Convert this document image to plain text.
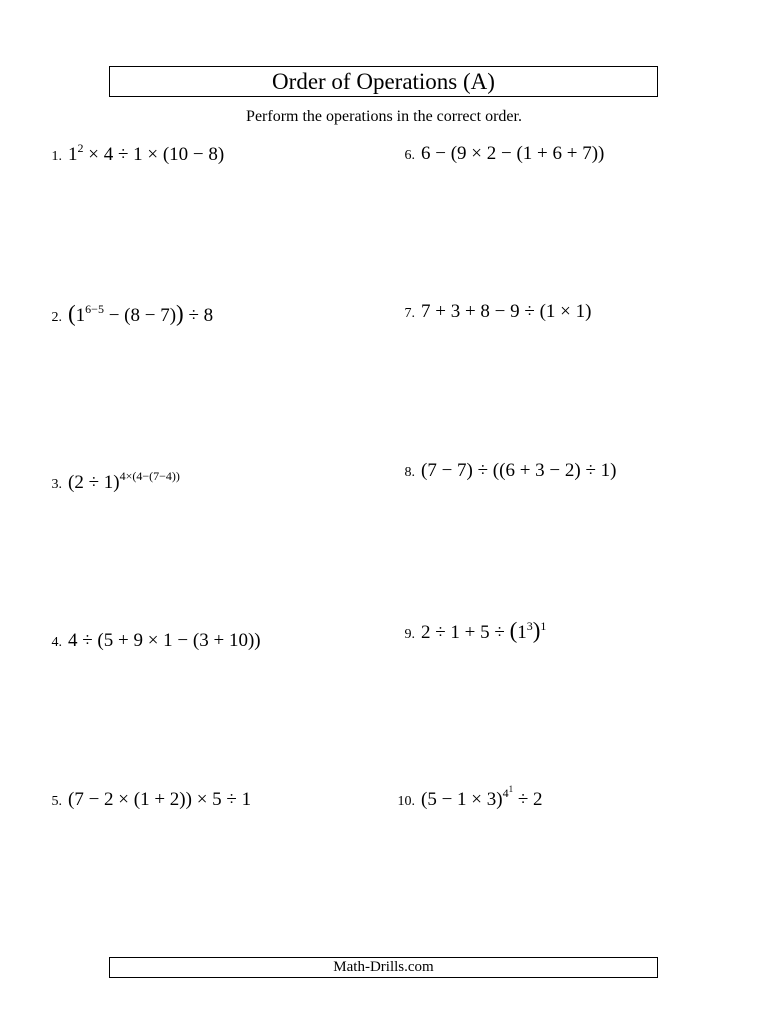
Order of Operations (A)
Perform the operations in the correct order.
1. $1^2 \times 4 \div 1 \times (10 - 8)$
2. $(1^{6-5} - (8 - 7)) \div 8$
3. $(2 \div 1)^{4\times(4-(7-4))}$
4. 4 ÷ (5 + 9 × 1 − (3 + 10))
5. (7 − 2 × (1 + 2)) × 5 ÷ 1
6. 6 − (9 × 2 − (1 + 6 + 7))
7. 7 + 3 + 8 − 9 ÷ (1 × 1)
8. (7 − 7) ÷ ((6 + 3 − 2) ÷ 1)
9. $2 \div 1 + 5 \div (1^3)^1$
10. $(5 - 1 \times 3)^{4^1} \div 2$
Math-Drills.com
